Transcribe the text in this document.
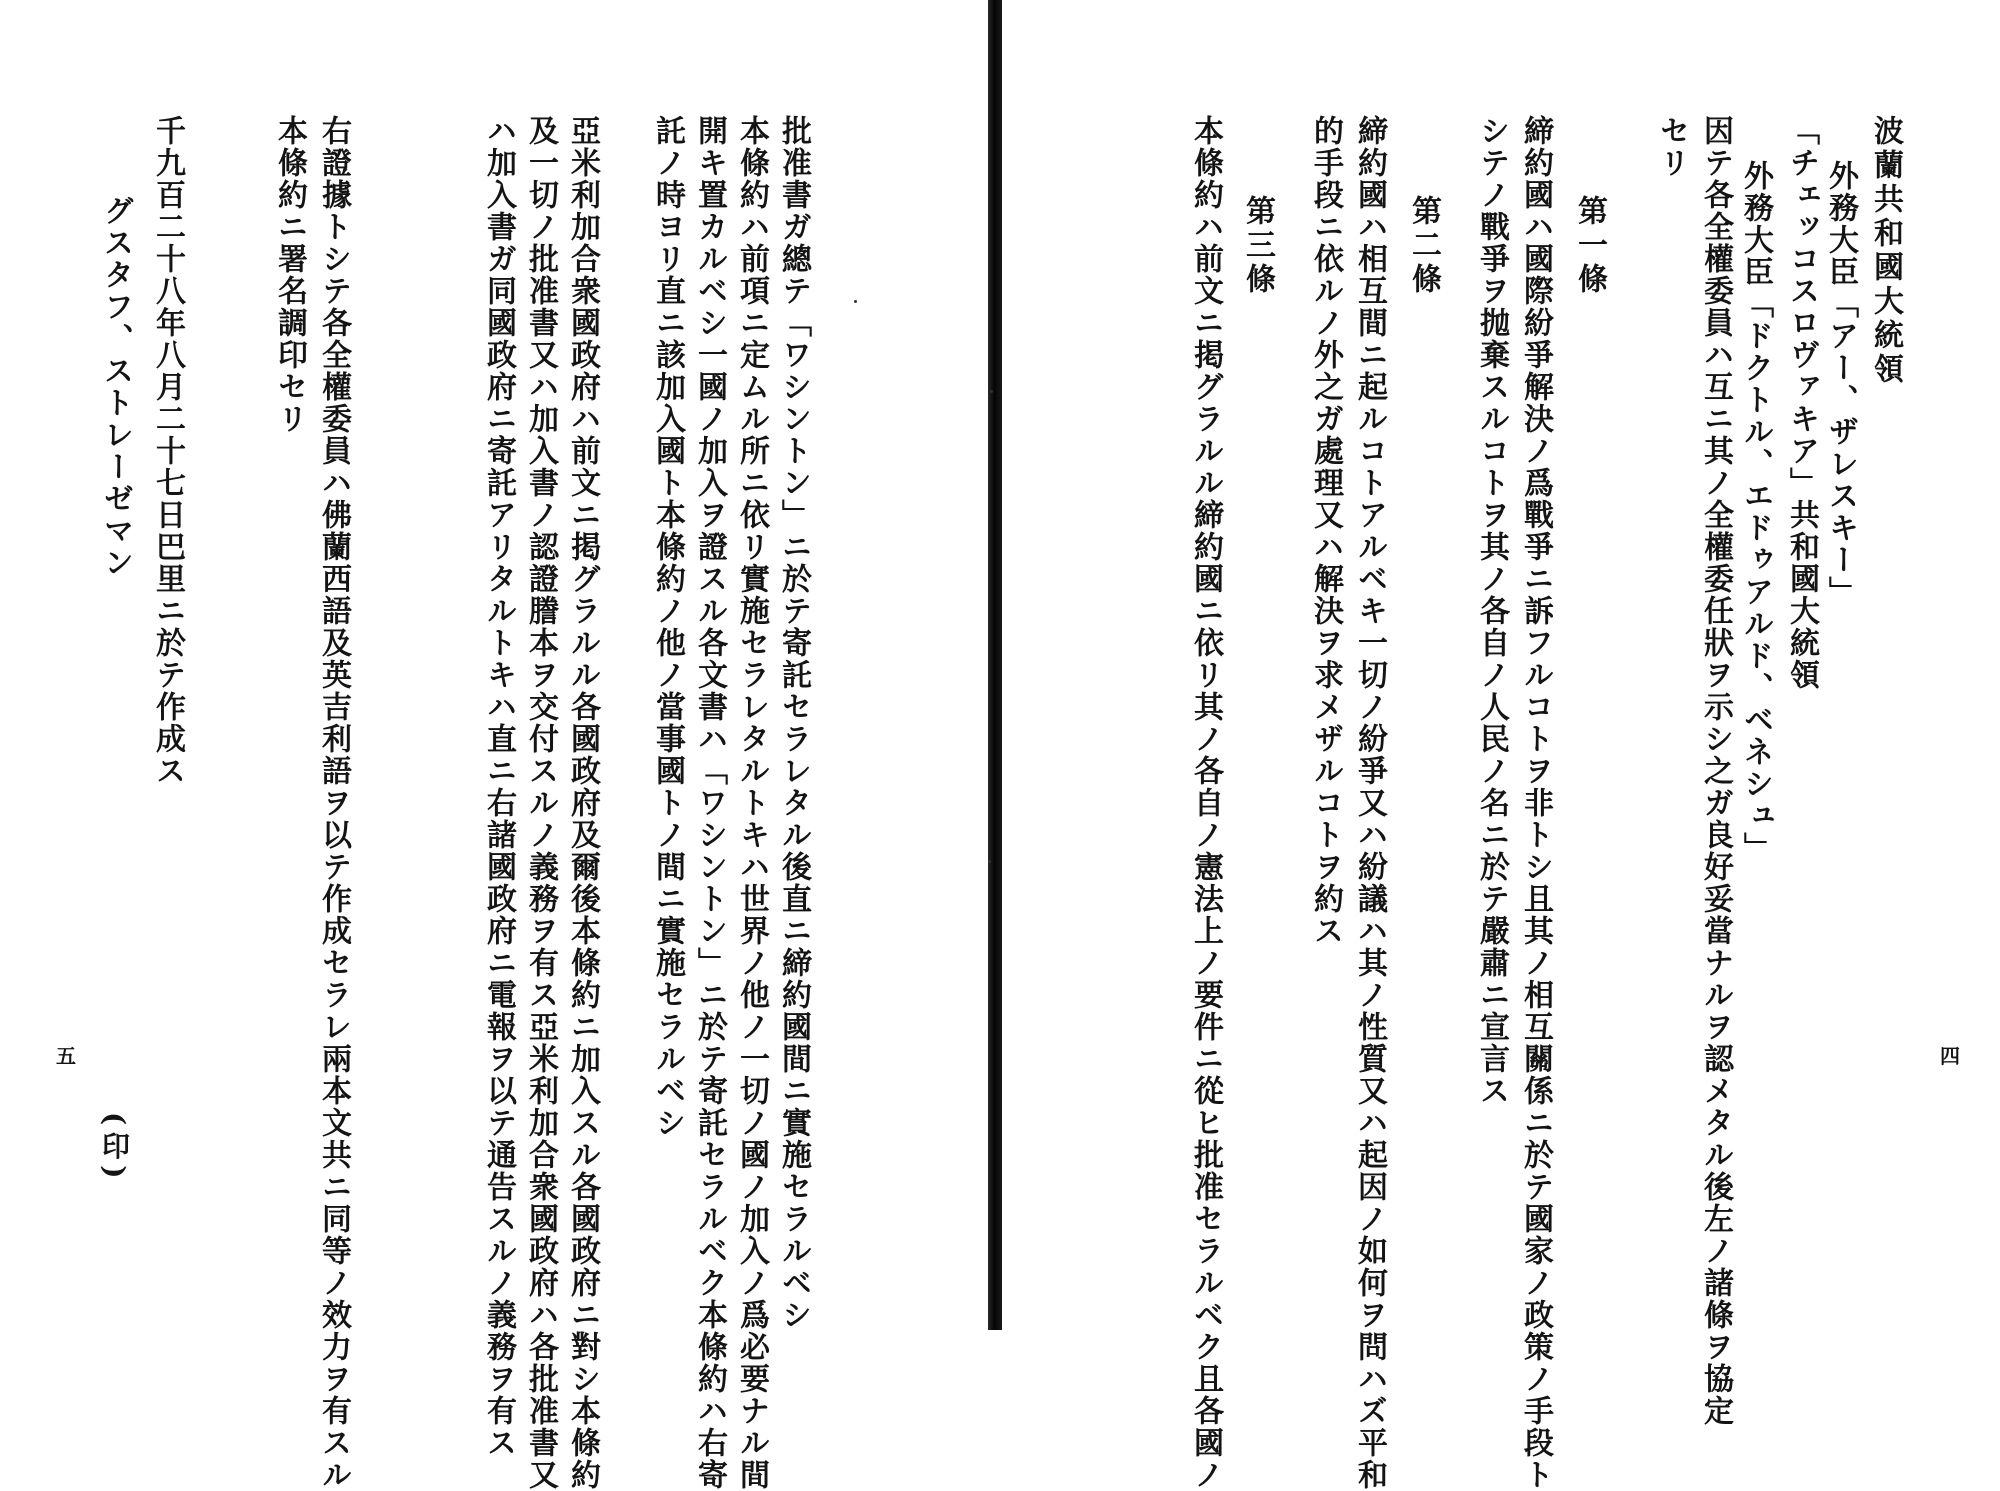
批准書ガ總テ「ワシントン」ニ於テ寄託セラレタル後直ニ締約國間ニ實施セラルベシ
本條約ハ前項ニ定ムル所ニ依リ實施セラレタルトキハ世界ノ他ノ一切ノ國ノ加入ノ爲必要ナル間
開キ置カルベシ一國ノ加入ヲ證スル各文書ハ「ワシントン」ニ於テ寄託セラルベク本條約ハ右寄
託ノ時ヨリ直ニ該加入國ト本條約ノ他ノ當事國トノ間ニ實施セラルベシ
亞米利加合衆國政府ハ前文ニ掲グラルル各國政府及爾後本條約ニ加入スル各國政府ニ對シ本條約
及一切ノ批准書又ハ加入書ノ認證謄本ヲ交付スルノ義務ヲ有ス亞米利加合衆國政府ハ各批准書又
ハ加入書ガ同國政府ニ寄託アリタルトキハ直ニ右諸國政府ニ電報ヲ以テ通告スルノ義務ヲ有ス
右證據トシテ各全權委員ハ佛蘭西語及英吉利語ヲ以テ作成セラレ兩本文共ニ同等ノ效力ヲ有スル
本條約ニ署名調印セリ
千九百二十八年八月二十七日巴里ニ於テ作成ス
グスタフ、ストレーゼマン
(印)
五
波蘭共和國大統領
外務大臣「アー、ザレスキー」
「チェッコスロヴァキア」共和國大統領
外務大臣「ドクトル、エドゥアルド、ベネシュ」
因テ各全權委員ハ互ニ其ノ全權委任狀ヲ示シ之ガ良好妥當ナルヲ認メタル後左ノ諸條ヲ協定
セリ
第一條
締約國ハ國際紛爭解決ノ爲戰爭ニ訴フルコトヲ非トシ且其ノ相互關係ニ於テ國家ノ政策ノ手段ト
シテノ戰爭ヲ抛棄スルコトヲ其ノ各自ノ人民ノ名ニ於テ嚴肅ニ宣言ス
第二條
締約國ハ相互間ニ起ルコトアルベキ一切ノ紛爭又ハ紛議ハ其ノ性質又ハ起因ノ如何ヲ問ハズ平和
的手段ニ依ルノ外之ガ處理又ハ解決ヲ求メザルコトヲ約ス
第三條
本條約ハ前文ニ掲グラルル締約國ニ依リ其ノ各自ノ憲法上ノ要件ニ從ヒ批准セラルベク且各國ノ	四
